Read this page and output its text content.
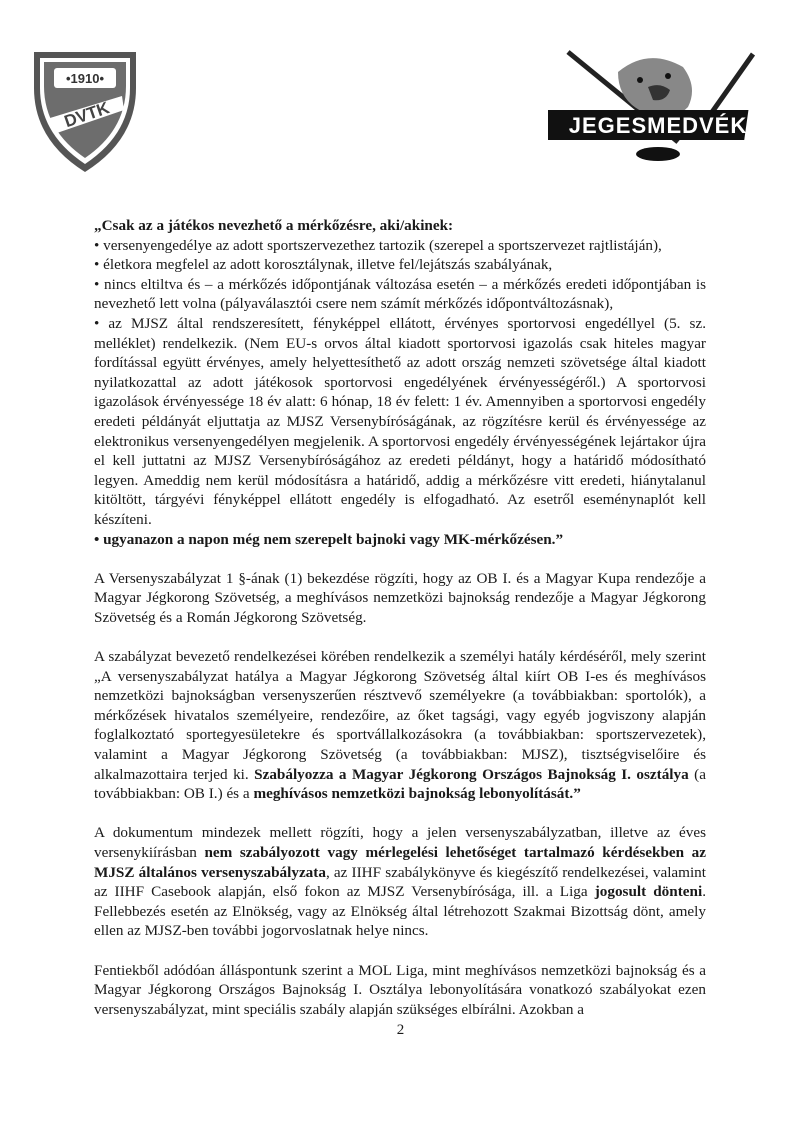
•1910•
DVTK	JEGESMEDVÉK

„Csak az a játékos nevezhető a mérkőzésre, aki/akinek:

• versenyengedélye az adott sportszervezethez tartozik (szerepel a sportszervezet rajtlistáján),

• életkora megfelel az adott korosztálynak, illetve fel/lejátszás szabályának,

• nincs eltiltva és – a mérkőzés időpontjának változása esetén – a mérkőzés eredeti időpontjában is nevezhető lett volna (pályaválasztói csere nem számít mérkőzés időpontváltozásnak),

• az MJSZ által rendszeresített, fényképpel ellátott, érvényes sportorvosi engedéllyel (5. sz. melléklet) rendelkezik. (Nem EU-s orvos által kiadott sportorvosi igazolás csak hiteles magyar fordítással együtt érvényes, amely helyettesíthető az adott ország nemzeti szövetsége által kiadott nyilatkozattal az adott játékosok sportorvosi engedélyének érvényességéről.) A sportorvosi igazolások érvényessége 18 év alatt: 6 hónap, 18 év felett: 1 év. Amennyiben a sportorvosi engedély eredeti példányát eljuttatja az MJSZ Versenybíróságának, az rögzítésre kerül és érvényessége az elektronikus versenyengedélyen megjelenik. A sportorvosi engedély érvényességének lejártakor újra el kell juttatni az MJSZ Versenybíróságához az eredeti példányt, hogy a határidő módosítható legyen. Ameddig nem kerül módosításra a határidő, addig a mérkőzésre vitt eredeti, hiánytalanul kitöltött, tárgyévi fényképpel ellátott engedély is elfogadható. Az esetről eseménynaplót kell készíteni.

• ugyanazon a napon még nem szerepelt bajnoki vagy MK-mérkőzésen.”

A Versenyszabályzat 1 §-ának (1) bekezdése rögzíti, hogy az OB I. és a Magyar Kupa rendezője a Magyar Jégkorong Szövetség, a meghívásos nemzetközi bajnokság rendezője a Magyar Jégkorong Szövetség és a Román Jégkorong Szövetség.

A szabályzat bevezető rendelkezései körében rendelkezik a személyi hatály kérdéséről, mely szerint „A versenyszabályzat hatálya a Magyar Jégkorong Szövetség által kiírt OB I-es és meghívásos nemzetközi bajnokságban versenyszerűen résztvevő személyekre (a továbbiakban: sportolók), a mérkőzések hivatalos személyeire, rendezőire, az őket tagsági, vagy egyéb jogviszony alapján foglalkoztató sportegyesületekre és sportvállalkozásokra (a továbbiakban: sportszervezetek), valamint a Magyar Jégkorong Szövetség (a továbbiakban: MJSZ), tisztségviselőire és alkalmazottaira terjed ki. Szabályozza a Magyar Jégkorong Országos Bajnokság I. osztálya (a továbbiakban: OB I.) és a meghívásos nemzetközi bajnokság lebonyolítását.”

A dokumentum mindezek mellett rögzíti, hogy a jelen versenyszabályzatban, illetve az éves versenykiírásban nem szabályozott vagy mérlegelési lehetőséget tartalmazó kérdésekben az MJSZ általános versenyszabályzata, az IIHF szabálykönyve és kiegészítő rendelkezései, valamint az IIHF Casebook alapján, első fokon az MJSZ Versenybírósága, ill. a Liga jogosult dönteni. Fellebbezés esetén az Elnökség, vagy az Elnökség által létrehozott Szakmai Bizottság dönt, amely ellen az MJSZ-ben további jogorvoslatnak helye nincs.

Fentiekből adódóan álláspontunk szerint a MOL Liga, mint meghívásos nemzetközi bajnokság és a Magyar Jégkorong Országos Bajnokság I. Osztálya lebonyolítására vonatkozó szabályokat ezen versenyszabályzat, mint speciális szabály alapján szükséges elbírálni. Azokban a

2
